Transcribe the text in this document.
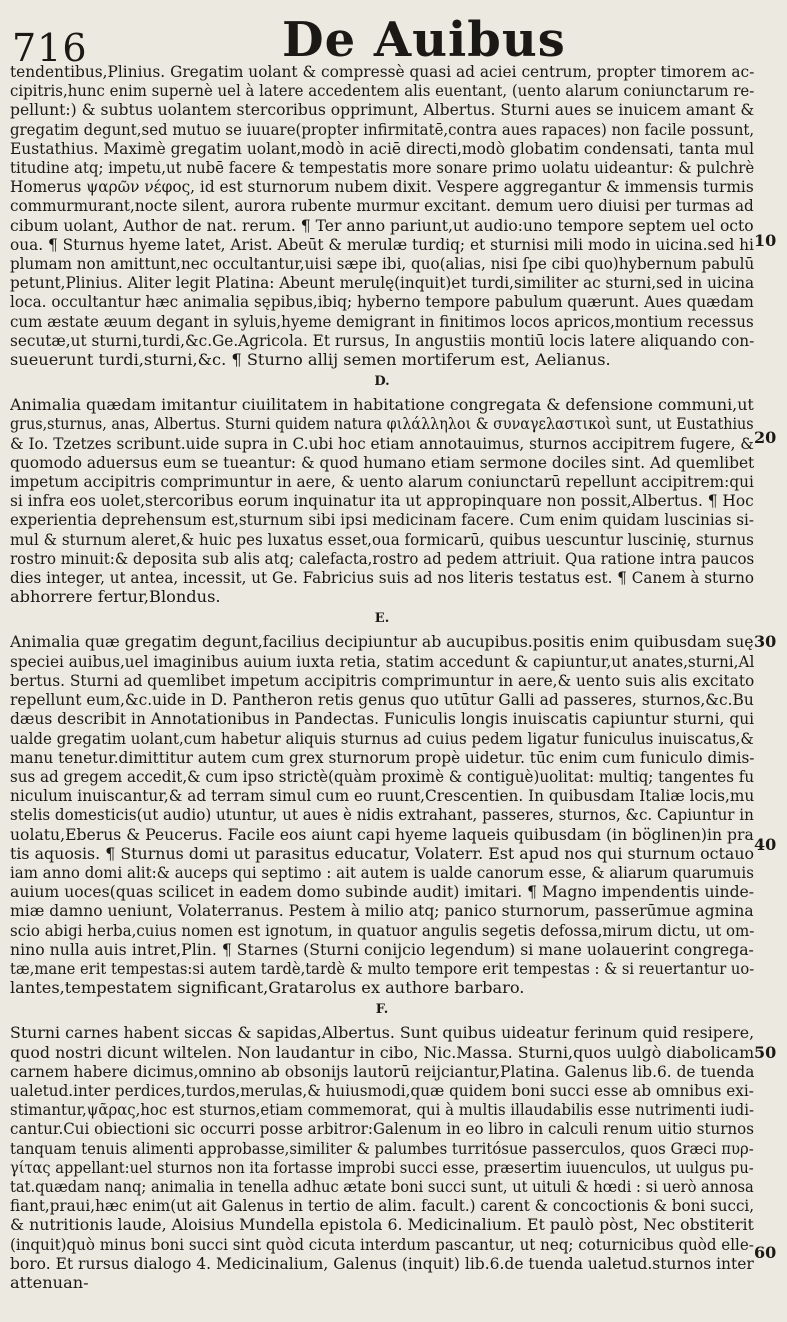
716	De Auibus
tendentibus,Plinius. Gregatim uolant & compressè quasi ad aciei centrum, propter timorem ac-
cipitris,hunc enim supernè uel à latere accedentem alis euentant, (uento alarum coniunctarum re-
pellunt:) & subtus uolantem stercoribus opprimunt, Albertus. Sturni aues se inuicem amant &
gregatim degunt,sed mutuo se iuuare(propter infirmitatē,contra aues rapaces) non facile possunt,
Eustathius. Maximè gregatim uolant,modò in aciē directi,modò globatim condensati, tanta mul
titudine atq; impetu,ut nubē facere & tempestatis more sonare primo uolatu uideantur: & pulchrè
Homerus ψαρῶν νέφος, id est sturnorum nubem dixit. Vespere aggregantur & immensis turmis
commurmurant,nocte silent, aurora rubente murmur excitant. demum uero diuisi per turmas ad
cibum uolant, Author de nat. rerum. ¶ Ter anno pariunt,ut audio:uno tempore septem uel octo
oua. ¶ Sturnus hyeme latet, Arist. Abeūt & merulæ turdiq; et sturnisi mili modo in uicina.sed hi
plumam non amittunt,nec occultantur,uisi sæpe ibi, quo(alias, nisi ſpe cibi quo)hybernum pabulū
petunt,Plinius. Aliter legit Platina: Abeunt merulę(inquit)et turdi,similiter ac sturni,sed in uicina
loca. occultantur hæc animalia sępibus,ibiq; hyberno tempore pabulum quærunt. Aues quædam
cum æstate æuum degant in syluis,hyeme demigrant in finitimos locos apricos,montium recessus
secutæ,ut sturni,turdi,&c.Ge.Agricola. Et rursus, In angustiis montiū locis latere aliquando con-
sueuerunt turdi,sturni,&c. ¶ Sturno allij semen mortiferum est, Aelianus.
D.
Animalia quædam imitantur ciuilitatem in habitatione congregata & defensione communi,ut
grus,sturnus, anas, Albertus. Sturni quidem natura φιλάλληλοι & συναγελαστικοὶ sunt, ut Eustathius
& Io. Tzetzes scribunt.uide supra in C.ubi hoc etiam annotauimus, sturnos accipitrem fugere, &
quomodo aduersus eum se tueantur: & quod humano etiam sermone dociles sint. Ad quemlibet
impetum accipitris comprimuntur in aere, & uento alarum coniunctarū repellunt accipitrem:qui
si infra eos uolet,stercoribus eorum inquinatur ita ut appropinquare non possit,Albertus. ¶ Hoc
experientia deprehensum est,sturnum sibi ipsi medicinam facere. Cum enim quidam luscinias si-
mul & sturnum aleret,& huic pes luxatus esset,oua formicarū, quibus uescuntur luscinię, sturnus
rostro minuit:& deposita sub alis atq; calefacta,rostro ad pedem attriuit. Qua ratione intra paucos
dies integer, ut antea, incessit, ut Ge. Fabricius suis ad nos literis testatus est. ¶ Canem à sturno
abhorrere fertur,Blondus.
E.
Animalia quæ gregatim degunt,facilius decipiuntur ab aucupibus.positis enim quibusdam suę
speciei auibus,uel imaginibus auium iuxta retia, statim accedunt & capiuntur,ut anates,sturni,Al
bertus. Sturni ad quemlibet impetum accipitris comprimuntur in aere,& uento suis alis excitato
repellunt eum,&c.uide in D. Pantheron retis genus quo utūtur Galli ad passeres, sturnos,&c.Bu
dæus describit in Annotationibus in Pandectas. Funiculis longis inuiscatis capiuntur sturni, qui
ualde gregatim uolant,cum habetur aliquis sturnus ad cuius pedem ligatur funiculus inuiscatus,&
manu tenetur.dimittitur autem cum grex sturnorum propè uidetur. tūc enim cum funiculo dimis-
sus ad gregem accedit,& cum ipso strictè(quàm proximè & contiguè)uolitat: multiq; tangentes fu
niculum inuiscantur,& ad terram simul cum eo ruunt,Crescentien. In quibusdam Italiæ locis,mu
stelis domesticis(ut audio) utuntur, ut aues è nidis extrahant, passeres, sturnos, &c. Capiuntur in
uolatu,Eberus & Peucerus. Facile eos aiunt capi hyeme laqueis quibusdam (in böglinen)in pra
tis aquosis. ¶ Sturnus domi ut parasitus educatur, Volaterr. Est apud nos qui sturnum octauo
iam anno domi alit:& auceps qui septimo : ait autem is ualde canorum esse, & aliarum quarumuis
auium uoces(quas scilicet in eadem domo subinde audit) imitari. ¶ Magno impendentis uinde-
miæ damno ueniunt, Volaterranus. Pestem à milio atq; panico sturnorum, passerūmue agmina
scio abigi herba,cuius nomen est ignotum, in quatuor angulis segetis defossa,mirum dictu, ut om-
nino nulla auis intret,Plin. ¶ Starnes (Sturni conijcio legendum) si mane uolauerint congrega-
tæ,mane erit tempestas:si autem tardè,tardè & multo tempore erit tempestas : & si reuertantur uo-
lantes,tempestatem significant,Gratarolus ex authore barbaro.
F.
Sturni carnes habent siccas & sapidas,Albertus. Sunt quibus uideatur ferinum quid resipere,
quod nostri dicunt wiltelen. Non laudantur in cibo, Nic.Massa. Sturni,quos uulgò diabolicam
carnem habere dicimus,omnino ab obsonijs lautorū reijciantur,Platina. Galenus lib.6. de tuenda
ualetud.inter perdices,turdos,merulas,& huiusmodi,quæ quidem boni succi esse ab omnibus exi-
stimantur,ψᾶρας,hoc est sturnos,etiam commemorat, qui à multis illaudabilis esse nutrimenti iudi-
cantur.Cui obiectioni sic occurri posse arbitror:Galenum in eo libro in calculi renum uitio sturnos
tanquam tenuis alimenti approbasse,similiter & palumbes turritósue passerculos, quos Græci πυρ-
γίτας appellant:uel sturnos non ita fortasse improbi succi esse, præsertim iuuenculos, ut uulgus pu-
tat.quædam nanq; animalia in tenella adhuc ætate boni succi sunt, ut uituli & hœdi : si uerò annosa
fiant,praui,hæc enim(ut ait Galenus in tertio de alim. facult.) carent & concoctionis & boni succi,
& nutritionis laude, Aloisius Mundella epistola 6. Medicinalium. Et paulò pòst, Nec obstiterit
(inquit)quò minus boni succi sint quòd cicuta interdum pascantur, ut neq; coturnicibus quòd elle-
boro. Et rursus dialogo 4. Medicinalium, Galenus (inquit) lib.6.de tuenda ualetud.sturnos inter
attenuan-
10
20
30
40
50
60
